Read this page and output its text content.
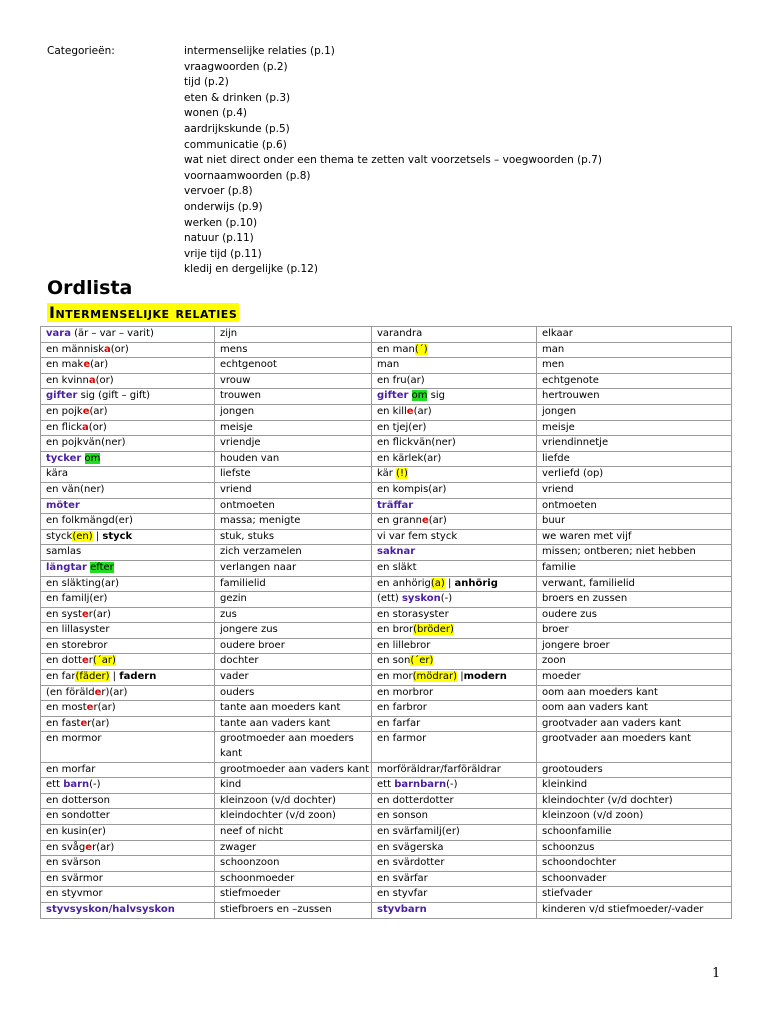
Categorieën:	intermenselijke relaties (p.1)
vraagwoorden (p.2)
tijd (p.2)
eten & drinken (p.3)
wonen (p.4)
aardrijkskunde (p.5)
communicatie (p.6)
wat niet direct onder een thema te zetten valt voorzetsels – voegwoorden (p.7)
voornaamwoorden (p.8)
vervoer (p.8)
onderwijs (p.9)
werken (p.10)
natuur (p.11)
vrije tijd (p.11)
kledij en dergelijke (p.12)
Ordlista
Intermenselijke relaties
vara (är – var – varit)	zijn	varandra	elkaar
en människa(or)	mens	en man(´)	man
en make(ar)	echtgenoot	man	men
en kvinna(or)	vrouw	en fru(ar)	echtgenote
gifter sig (gift – gift)	trouwen	gifter om sig	hertrouwen
en pojke(ar)	jongen	en kille(ar)	jongen
en flicka(or)	meisje	en tjej(er)	meisje
en pojkvän(ner)	vriendje	en flickvän(ner)	vriendinnetje
tycker om	houden van	en kärlek(ar)	liefde
kära	liefste	kär (!)	verliefd (op)
en vän(ner)	vriend	en kompis(ar)	vriend
möter	ontmoeten	träffar	ontmoeten
en folkmängd(er)	massa; menigte	en granne(ar)	buur
styck(en) | styck	stuk, stuks	vi var fem styck	we waren met vijf
samlas	zich verzamelen	saknar	missen; ontberen; niet hebben
längtar efter	verlangen naar	en släkt	familie
en släkting(ar)	familielid	en anhörig(a) | anhörig	verwant, familielid
en familj(er)	gezin	(ett) syskon(-)	broers en zussen
en syster(ar)	zus	en storasyster	oudere zus
en lillasyster	jongere zus	en bror(bröder)	broer
en storebror	oudere broer	en lillebror	jongere broer
en dotter(´ar)	dochter	en son(´er)	zoon
en far(fäder) | fadern	vader	en mor(mödrar) |modern	moeder
(en förälder)(ar)	ouders	en morbror	oom aan moeders kant
en moster(ar)	tante aan moeders kant	en farbror	oom aan vaders kant
en faster(ar)	tante aan vaders kant	en farfar	grootvader aan vaders kant
en mormor	grootmoeder aan moeders kant	en farmor	grootvader aan moeders kant
en morfar	grootmoeder aan vaders kant	morföräldrar/farföräldrar	grootouders
ett barn(-)	kind	ett barnbarn(-)	kleinkind
en dotterson	kleinzoon (v/d dochter)	en dotterdotter	kleindochter (v/d dochter)
en sondotter	kleindochter (v/d zoon)	en sonson	kleinzoon (v/d zoon)
en kusin(er)	neef of nicht	en svärfamilj(er)	schoonfamilie
en svåger(ar)	zwager	en svägerska	schoonzus
en svärson	schoonzoon	en svärdotter	schoondochter
en svärmor	schoonmoeder	en svärfar	schoonvader
en styvmor	stiefmoeder	en styvfar	stiefvader
styvsyskon/halvsyskon	stiefbroers en –zussen	styvbarn	kinderen v/d stiefmoeder/-vader
1
